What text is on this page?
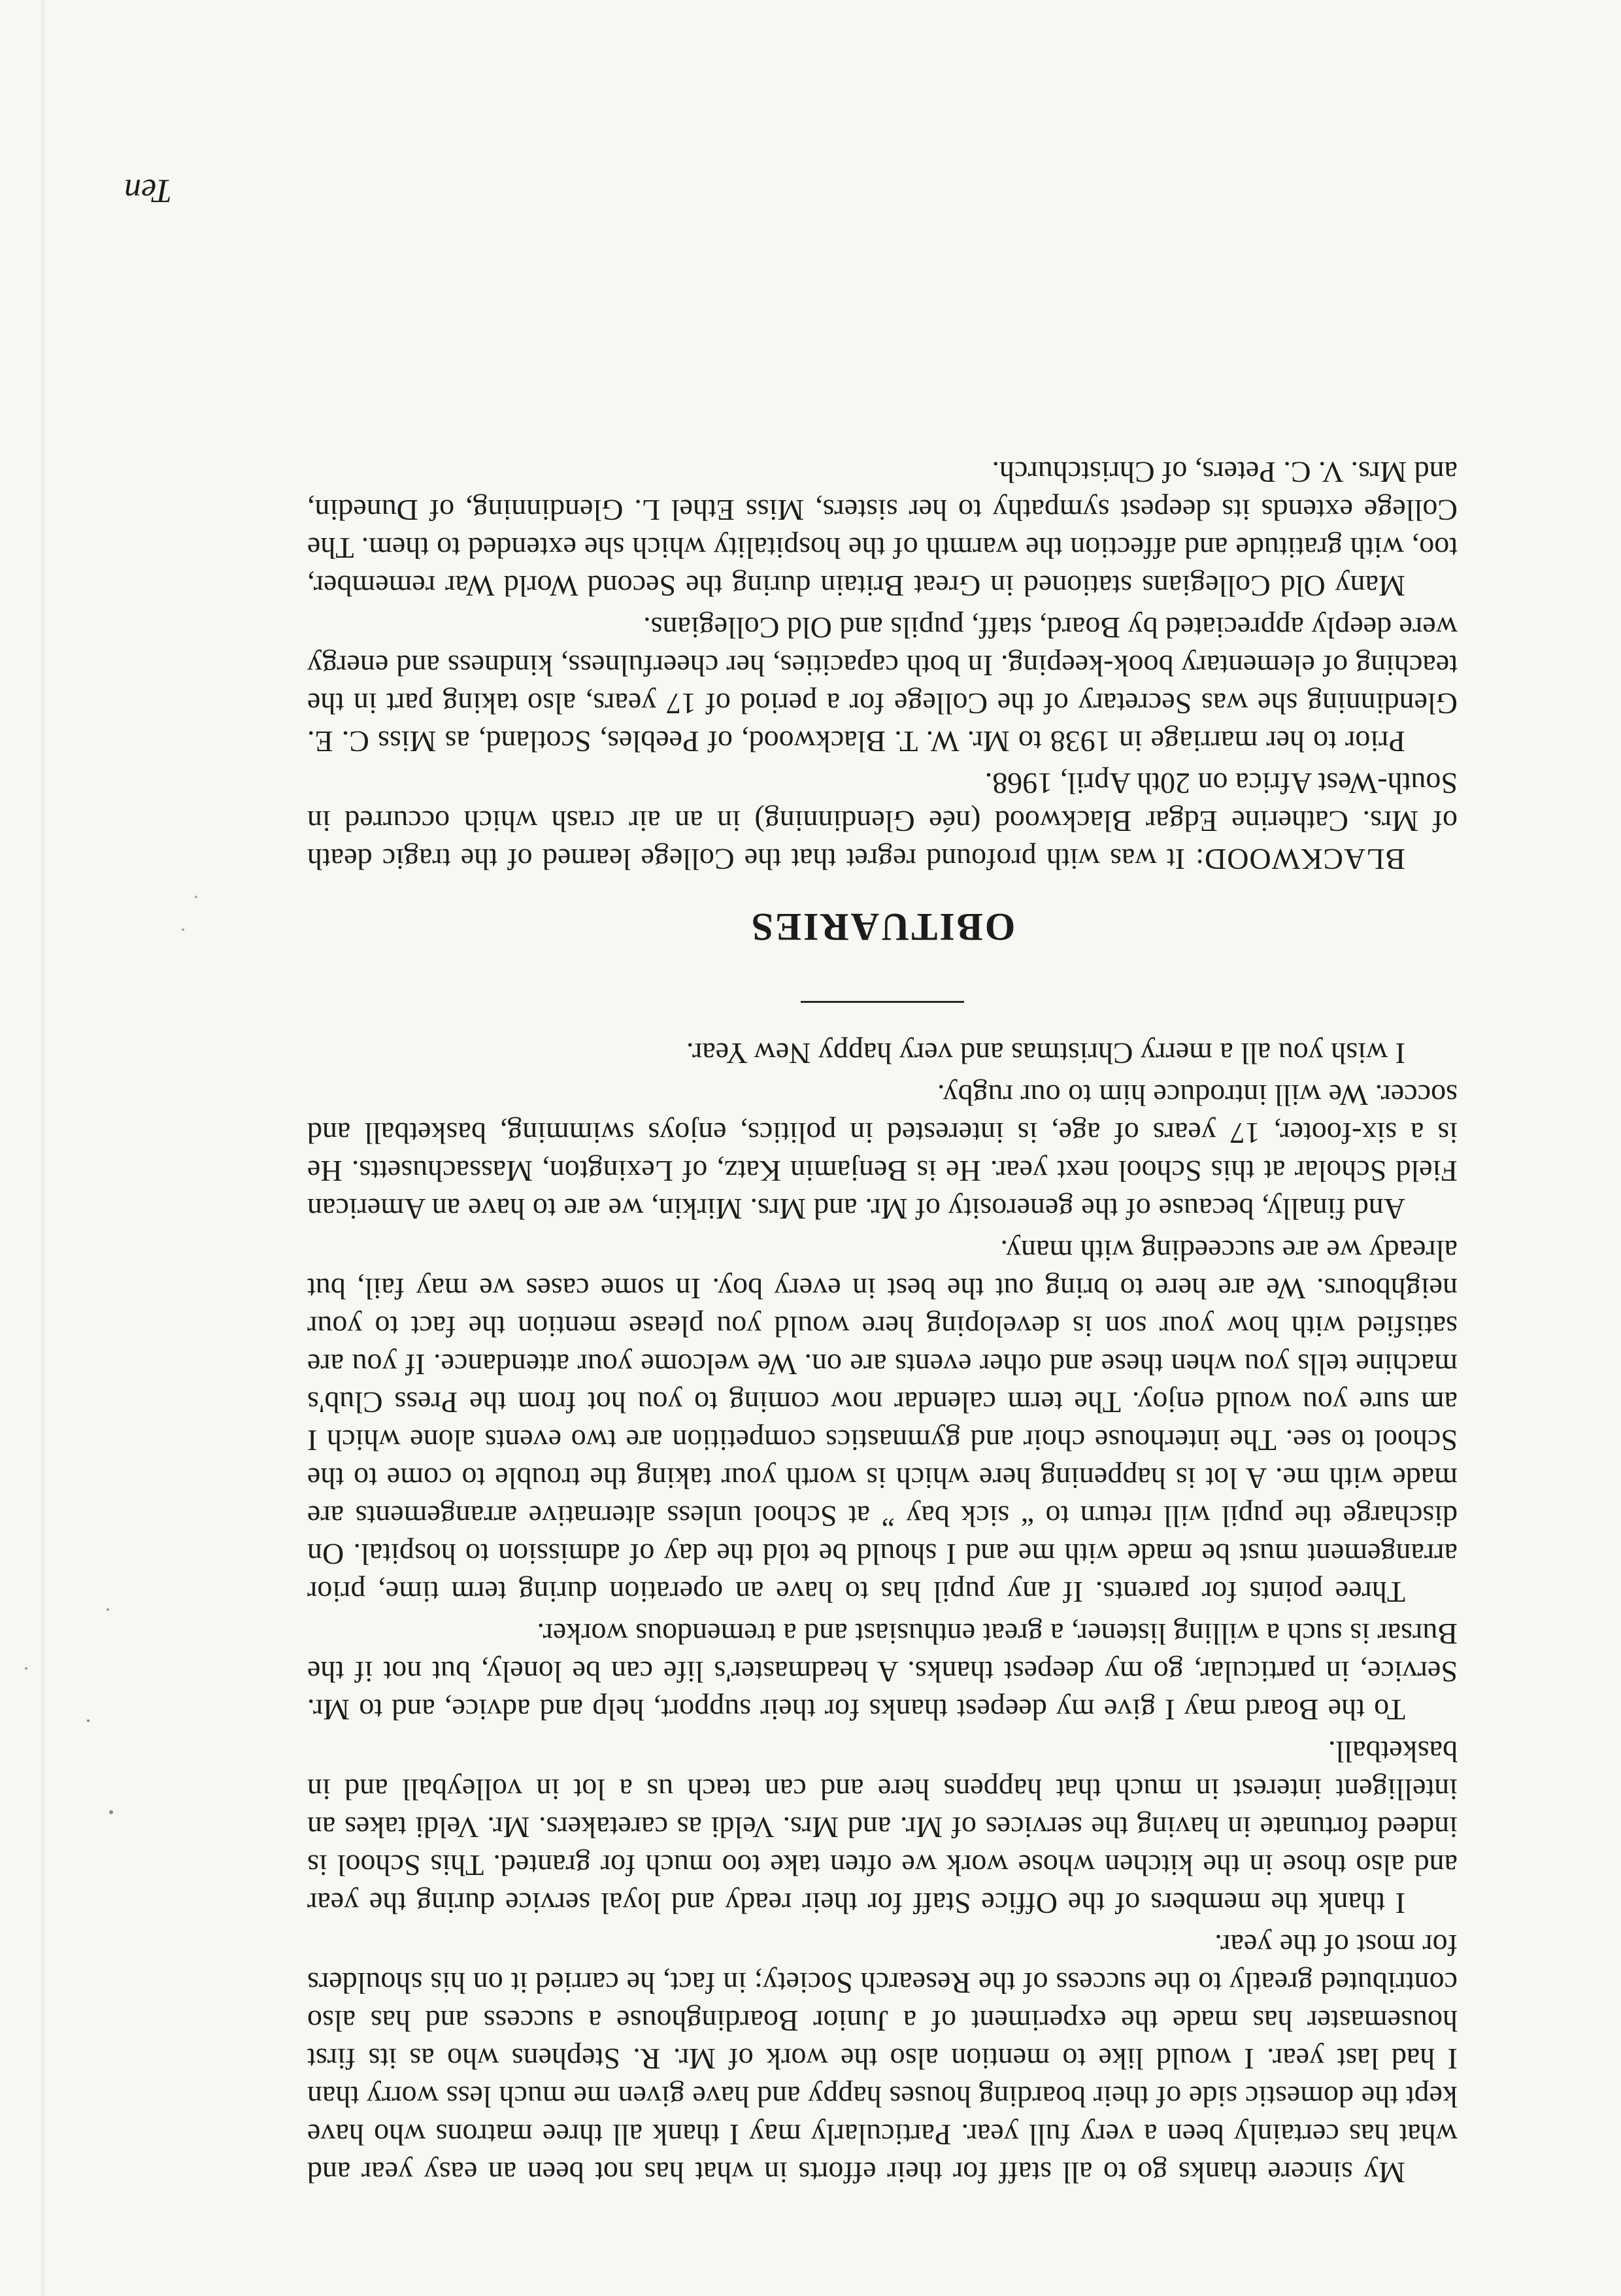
My sincere thanks go to all staff for their efforts in what has not been an easy year and what has certainly been a very full year. Particularly may I thank all three matrons who have kept the domestic side of their boarding houses happy and have given me much less worry than I had last year. I would like to mention also the work of Mr. R. Stephens who as its first housemaster has made the experiment of a Junior Boardinghouse a success and has also contributed greatly to the success of the Research Society; in fact, he carried it on his shoulders for most of the year.

I thank the members of the Office Staff for their ready and loyal service during the year and also those in the kitchen whose work we often take too much for granted. This School is indeed fortunate in having the services of Mr. and Mrs. Veldi as caretakers. Mr. Veldi takes an intelligent interest in much that happens here and can teach us a lot in volleyball and in basketball.

To the Board may I give my deepest thanks for their support, help and advice, and to Mr. Service, in particular, go my deepest thanks. A headmaster's life can be lonely, but not if the Bursar is such a willing listener, a great enthusiast and a tremendous worker.

Three points for parents. If any pupil has to have an operation during term time, prior arrangement must be made with me and I should be told the day of admission to hospital. On discharge the pupil will return to “ sick bay ” at School unless alternative arrangements are made with me. A lot is happening here which is worth your taking the trouble to come to the School to see. The interhouse choir and gymnastics competition are two events alone which I am sure you would enjoy. The term calendar now coming to you hot from the Press Club's machine tells you when these and other events are on. We welcome your attendance. If you are satisfied with how your son is developing here would you please mention the fact to your neighbours. We are here to bring out the best in every boy. In some cases we may fail, but already we are succeeding with many.

And finally, because of the generosity of Mr. and Mrs. Mirkin, we are to have an American Field Scholar at this School next year. He is Benjamin Katz, of Lexington, Massachusetts. He is a six-footer, 17 years of age, is interested in politics, enjoys swimming, basketball and soccer. We will introduce him to our rugby.

I wish you all a merry Christmas and very happy New Year.

OBITUARIES

BLACKWOOD: It was with profound regret that the College learned of the tragic death of Mrs. Catherine Edgar Blackwood (née Glendinning) in an air crash which occurred in South-West Africa on 20th April, 1968.

Prior to her marriage in 1938 to Mr. W. T. Blackwood, of Peebles, Scotland, as Miss C. E. Glendinning she was Secretary of the College for a period of 17 years, also taking part in the teaching of elementary book-keeping. In both capacities, her cheerfulness, kindness and energy were deeply appreciated by Board, staff, pupils and Old Collegians.

Many Old Collegians stationed in Great Britain during the Second World War remember, too, with gratitude and affection the warmth of the hospitality which she extended to them. The College extends its deepest sympathy to her sisters, Miss Ethel L. Glendinning, of Dunedin, and Mrs. V. C. Peters, of Christchurch.

Ten
